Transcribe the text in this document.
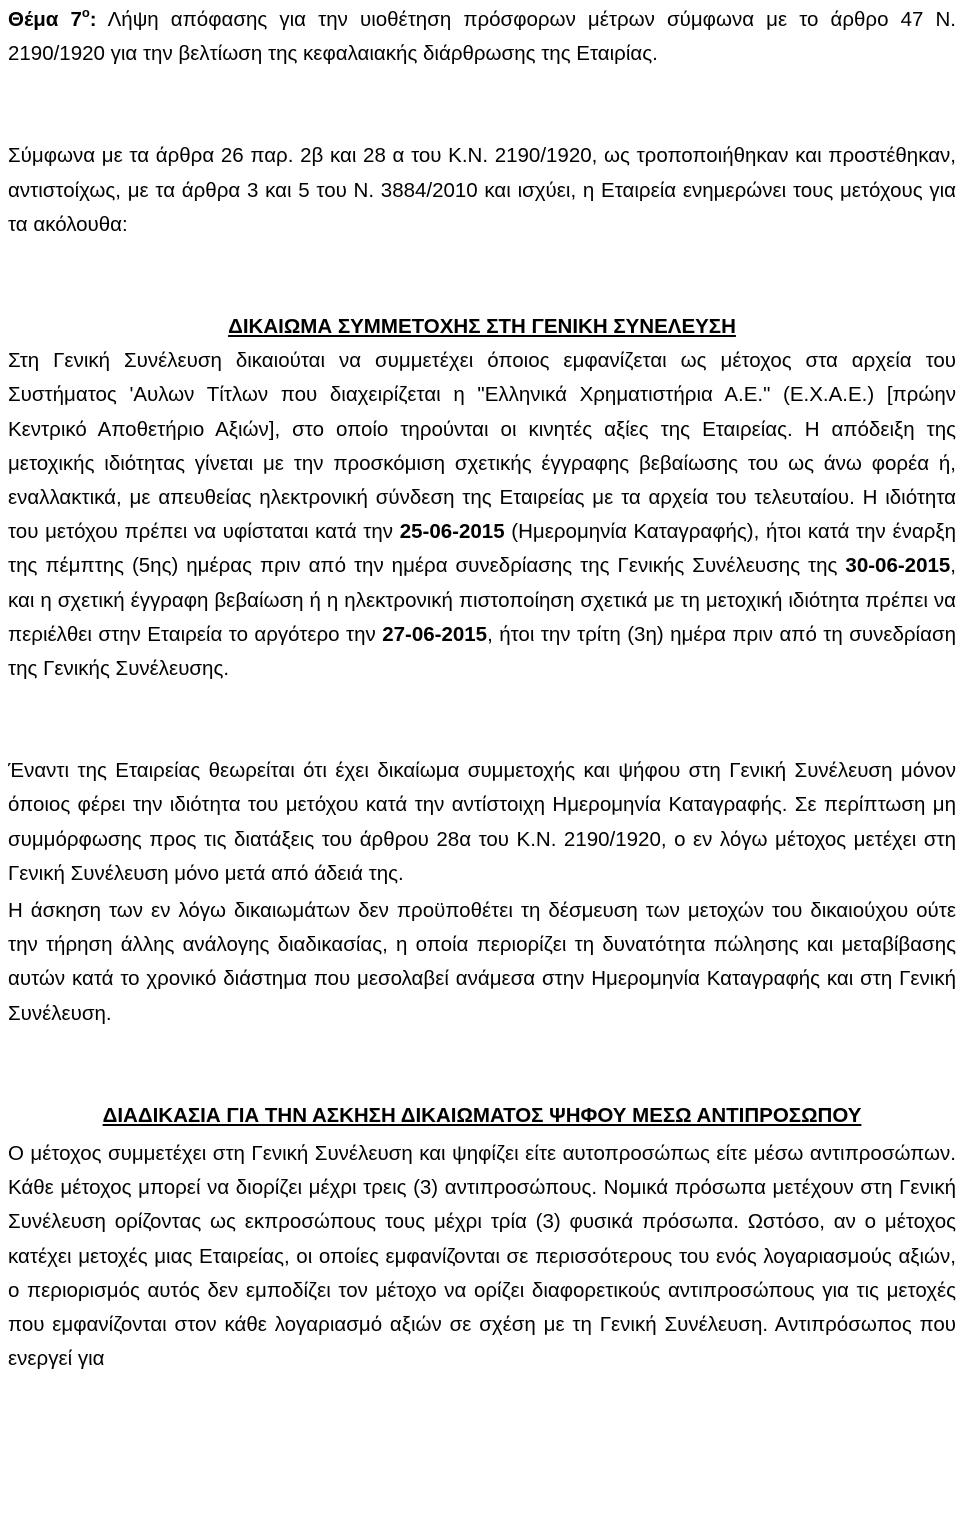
Θέμα $7^o$: Λήψη απόφασης για την υιοθέτηση πρόσφορων μέτρων σύμφωνα με το άρθρο 47 Ν. 2190/1920 για την βελτίωση της κεφαλαιακής διάρθρωσης της Εταιρίας.

Σύμφωνα με τα άρθρα 26 παρ. 2β και 28 α του Κ.Ν. 2190/1920, ως τροποποιήθηκαν και προστέθηκαν, αντιστοίχως, με τα άρθρα 3 και 5 του Ν. 3884/2010 και ισχύει, η Εταιρεία ενημερώνει τους μετόχους για τα ακόλουθα:

ΔΙΚΑΙΩΜΑ ΣΥΜΜΕΤΟΧΗΣ ΣΤΗ ΓΕΝΙΚΗ ΣΥΝΕΛΕΥΣΗ

Στη Γενική Συνέλευση δικαιούται να συμμετέχει όποιος εμφανίζεται ως μέτοχος στα αρχεία του Συστήματος 'Αυλων Τίτλων που διαχειρίζεται η "Ελληνικά Χρηματιστήρια Α.Ε." (Ε.Χ.Α.Ε.) [πρώην Κεντρικό Αποθετήριο Αξιών], στο οποίο τηρούνται οι κινητές αξίες της Εταιρείας. Η απόδειξη της μετοχικής ιδιότητας γίνεται με την προσκόμιση σχετικής έγγραφης βεβαίωσης του ως άνω φορέα ή, εναλλακτικά, με απευθείας ηλεκτρονική σύνδεση της Εταιρείας με τα αρχεία του τελευταίου. Η ιδιότητα του μετόχου πρέπει να υφίσταται κατά την 25-06-2015 (Ημερομηνία Καταγραφής), ήτοι κατά την έναρξη της πέμπτης (5ης) ημέρας πριν από την ημέρα συνεδρίασης της Γενικής Συνέλευσης της 30-06-2015, και η σχετική έγγραφη βεβαίωση ή η ηλεκτρονική πιστοποίηση σχετικά με τη μετοχική ιδιότητα πρέπει να περιέλθει στην Εταιρεία το αργότερο την 27-06-2015, ήτοι την τρίτη (3η) ημέρα πριν από τη συνεδρίαση της Γενικής Συνέλευσης.

Έναντι της Εταιρείας θεωρείται ότι έχει δικαίωμα συμμετοχής και ψήφου στη Γενική Συνέλευση μόνον όποιος φέρει την ιδιότητα του μετόχου κατά την αντίστοιχη Ημερομηνία Καταγραφής. Σε περίπτωση μη συμμόρφωσης προς τις διατάξεις του άρθρου 28α του Κ.Ν. 2190/1920, ο εν λόγω μέτοχος μετέχει στη Γενική Συνέλευση μόνο μετά από άδειά της.

Η άσκηση των εν λόγω δικαιωμάτων δεν προϋποθέτει τη δέσμευση των μετοχών του δικαιούχου ούτε την τήρηση άλλης ανάλογης διαδικασίας, η οποία περιορίζει τη δυνατότητα πώλησης και μεταβίβασης αυτών κατά το χρονικό διάστημα που μεσολαβεί ανάμεσα στην Ημερομηνία Καταγραφής και στη Γενική Συνέλευση.

ΔΙΑΔΙΚΑΣΙΑ ΓΙΑ ΤΗΝ ΑΣΚΗΣΗ ΔΙΚΑΙΩΜΑΤΟΣ ΨΗΦΟΥ ΜΕΣΩ ΑΝΤΙΠΡΟΣΩΠΟΥ

Ο μέτοχος συμμετέχει στη Γενική Συνέλευση και ψηφίζει είτε αυτοπροσώπως είτε μέσω αντιπροσώπων. Κάθε μέτοχος μπορεί να διορίζει μέχρι τρεις (3) αντιπροσώπους. Νομικά πρόσωπα μετέχουν στη Γενική Συνέλευση ορίζοντας ως εκπροσώπους τους μέχρι τρία (3) φυσικά πρόσωπα. Ωστόσο, αν ο μέτοχος κατέχει μετοχές μιας Εταιρείας, οι οποίες εμφανίζονται σε περισσότερους του ενός λογαριασμούς αξιών, ο περιορισμός αυτός δεν εμποδίζει τον μέτοχο να ορίζει διαφορετικούς αντιπροσώπους για τις μετοχές που εμφανίζονται στον κάθε λογαριασμό αξιών σε σχέση με τη Γενική Συνέλευση. Αντιπρόσωπος που ενεργεί για
